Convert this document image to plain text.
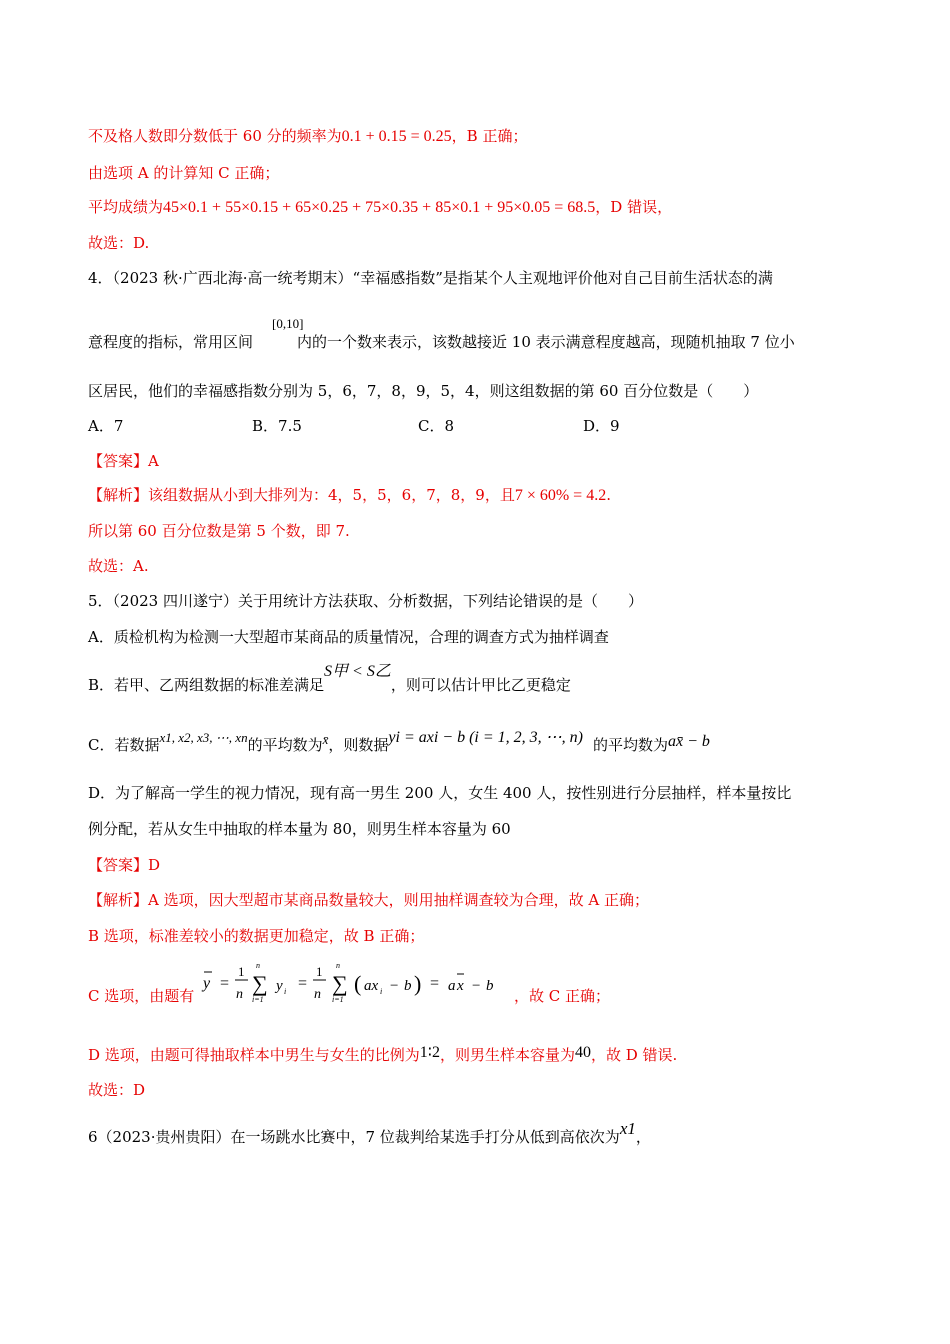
不及格人数即分数低于 60 分的频率为0.1 + 0.15 = 0.25，B 正确；
由选项 A 的计算知 C 正确；
平均成绩为45×0.1 + 55×0.15 + 65×0.25 + 75×0.35 + 85×0.1 + 95×0.05 = 68.5，D 错误，
故选：D.
4．（2023 秋·广西北海·高一统考期末）“幸福感指数”是指某个人主观地评价他对自己目前生活状态的满
[0,10]
意程度的指标，常用区间	内的一个数来表示，该数越接近 10 表示满意程度越高，现随机抽取 7 位小
区居民，他们的幸福感指数分别为 5，6，7，8，9，5，4，则这组数据的第 60 百分位数是（　　）
A．7	B．7.5	C．8	D．9
【答案】A
【解析】该组数据从小到大排列为：4，5，5，6，7，8，9，且7 × 60% = 4.2.
所以第 60 百分位数是第 5 个数，即 7.
故选：A.
5．（2023 四川遂宁）关于用统计方法获取、分析数据，下列结论错误的是（　　）
A．质检机构为检测一大型超市某商品的质量情况，合理的调查方式为抽样调查
B．若甲、乙两组数据的标准差满足S甲 < S乙，则可以估计甲比乙更稳定
C．若数据x1, x2, x3, ⋯, xn的平均数为x̄，则数据yi = axi − b (i = 1, 2, 3, ⋯, n) 的平均数为ax̄ − b
D．为了解高一学生的视力情况，现有高一男生 200 人，女生 400 人，按性别进行分层抽样，样本量按比
例分配，若从女生中抽取的样本量为 80，则男生样本容量为 60
【答案】D
【解析】A 选项，因大型超市某商品数量较大，则用抽样调查较为合理，故 A 正确；
B 选项，标准差较小的数据更加稳定，故 B 正确；
C 选项，由题有
y =
1
n
n
∑
i=1
y i =
1
n
n
∑
i=1
( ax i − b ) = a x − b
，故 C 正确；
D 选项，由题可得抽取样本中男生与女生的比例为1∶2，则男生样本容量为40，故 D 错误.
故选：D
6（2023·贵州贵阳）在一场跳水比赛中，7 位裁判给某选手打分从低到高依次为x1，
